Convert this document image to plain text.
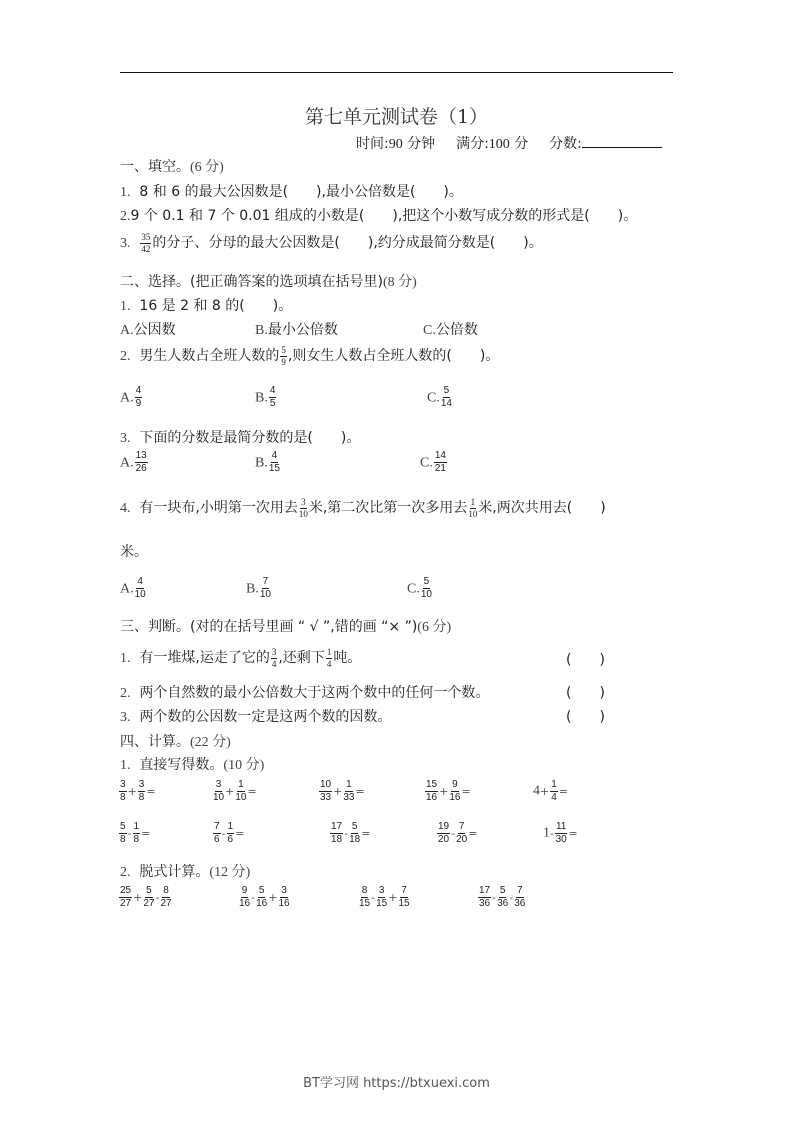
第七单元测试卷（1）
时间:90 分钟 满分:100 分 分数:
一、填空。(6 分)
1. 8 和 6 的最大公因数是(　　),最小公倍数是(　　)。
2.9 个 0.1 和 7 个 0.01 组成的小数是(　　),把这个小数写成分数的形式是(　　)。
3. $\frac{35}{42}$ 的分子、分母的最大公因数是(　　),约分成最简分数是(　　)。
二、选择。(把正确答案的选项填在括号里)(8 分)
1. 16 是 2 和 8 的(　　)。
A.公因数	B.最小公倍数	C.公倍数
2. 男生人数占全班人数的 $\frac{5}{9}$ ,则女生人数占全班人数的(　　)。
A. $\frac{4}{9}$	B. $\frac{4}{5}$	C. $\frac{5}{14}$
3. 下面的分数是最简分数的是(　　)。
A. $\frac{13}{26}$	B. $\frac{4}{15}$	C. $\frac{14}{21}$
4. 有一块布,小明第一次用去 $\frac{3}{10}$ 米,第二次比第一次多用去 $\frac{1}{10}$ 米,两次共用去(　　)
米。
A. $\frac{4}{10}$	B. $\frac{7}{10}$	C. $\frac{5}{10}$
三、判断。(对的在括号里画 “ √ ”,错的画 “× ”)(6 分)
1. 有一堆煤,运走了它的 $\frac{3}{4}$ ,还剩下 $\frac{1}{4}$ 吨。	(　　)
2. 两个自然数的最小公倍数大于这两个数中的任何一个数。	(　　)
3. 两个数的公因数一定是这两个数的因数。	(　　)
四、计算。(22 分)
1. 直接写得数。(10 分)
$\frac{3}{8} + \frac{3}{8}$ =	$\frac{3}{10} + \frac{1}{10}$ =	$\frac{10}{33} + \frac{1}{33}$ =	$\frac{15}{16} + \frac{9}{16}$ =	$4+ \frac{1}{4}$ =
$\frac{5}{8} - \frac{1}{8}$ =	$\frac{7}{6} - \frac{1}{6}$ =	$\frac{17}{18} - \frac{5}{18}$ =	$\frac{19}{20} - \frac{7}{20}$ =	$1- \frac{11}{30}$ =
2. 脱式计算。(12 分)
$\frac{25}{27} + \frac{5}{27} - \frac{8}{27}$	$\frac{9}{16} - \frac{5}{16} + \frac{3}{16}$	$\frac{8}{15} - \frac{3}{15} + \frac{7}{15}$	$\frac{17}{36} - \frac{5}{36} - \frac{7}{36}$
BT学习网 https://btxuexi.com
